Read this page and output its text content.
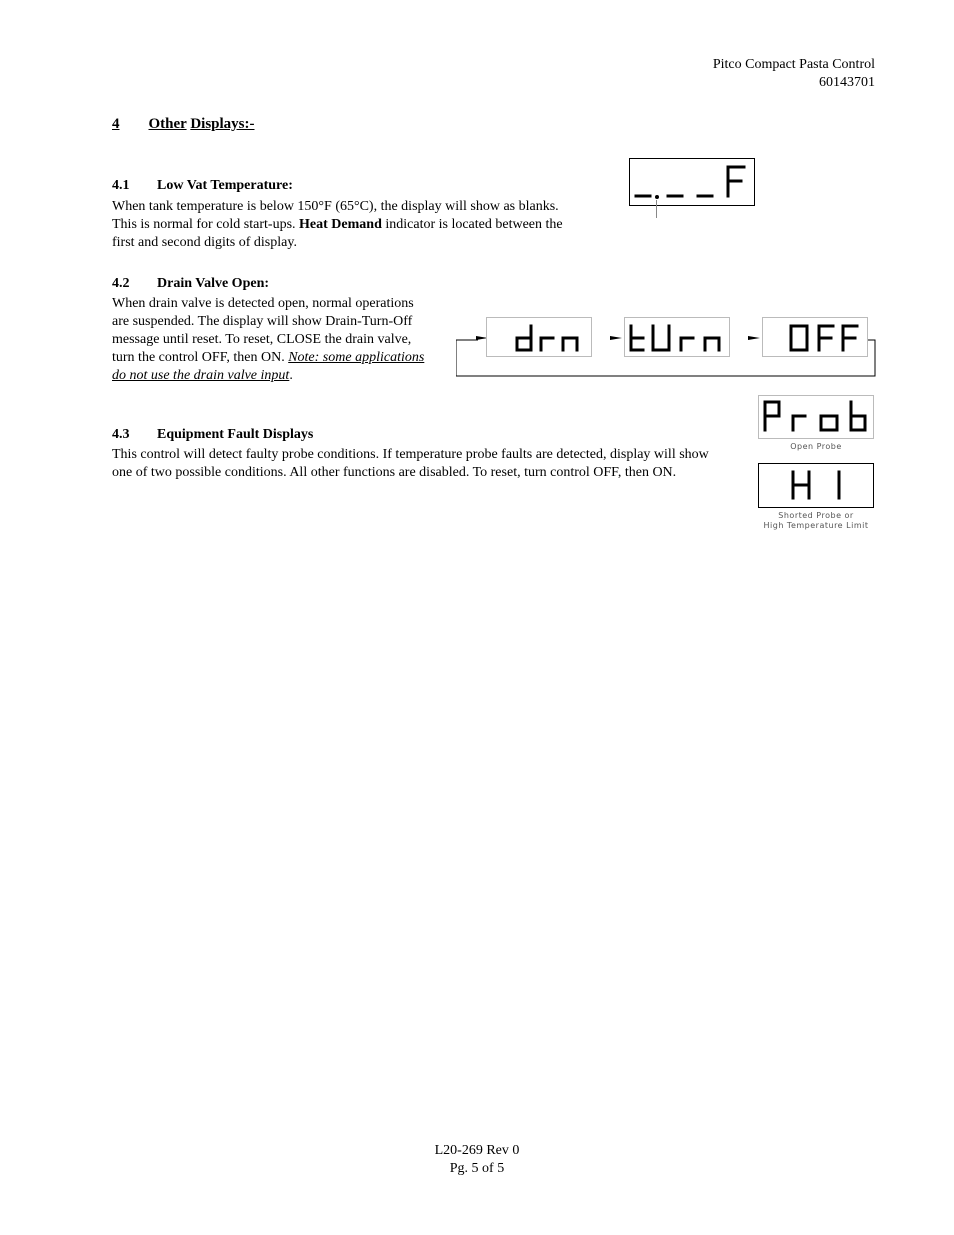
Pitco Compact Pasta Control
60143701
4 Other Displays:-
4.1 Low Vat Temperature:
When tank temperature is below 150°F (65°C), the display will show as blanks. This is normal for cold start-ups. Heat Demand indicator is located between the first and second digits of display.
4.2 Drain Valve Open:
When drain valve is detected open, normal operations are suspended. The display will show Drain-Turn-Off message until reset. To reset, CLOSE the drain valve, turn the control OFF, then ON. Note: some applications do not use the drain valve input.
4.3 Equipment Fault Displays
This control will detect faulty probe conditions. If temperature probe faults are detected, display will show one of two possible conditions. All other functions are disabled. To reset, turn control OFF, then ON.
Open Probe
Shorted Probe or
High Temperature Limit
L20-269 Rev 0
Pg. 5 of 5
